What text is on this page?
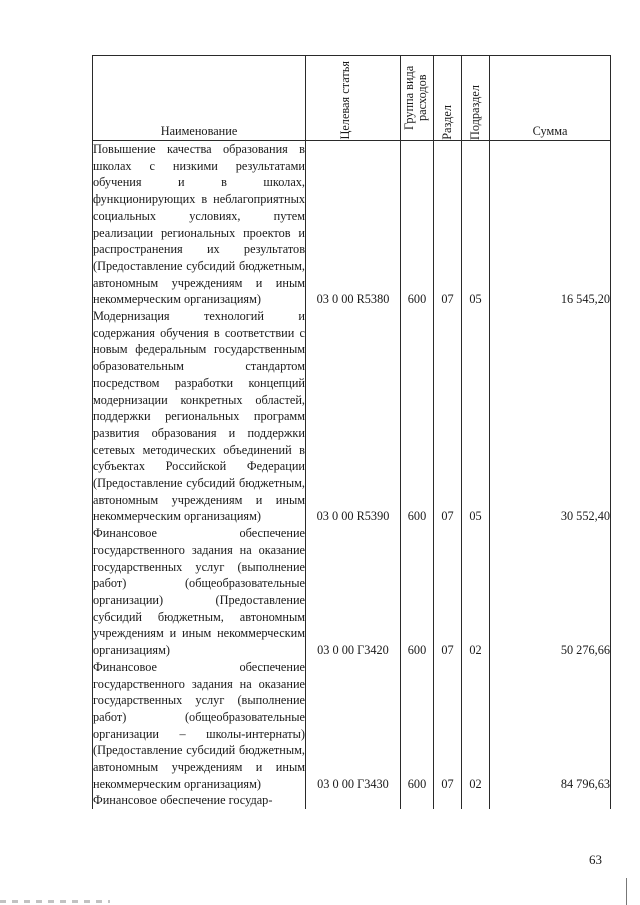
Наименование	Целевая статья	Группа вида расходов	Раздел	Подраздел	Сумма
Повышение качества образования в школах с низкими результатами обучения и в школах, функционирующих в неблагоприятных социальных условиях, путем реализации региональных проектов и распространения их результатов (Предоставление субсидий бюджетным, автономным учреждениям и иным некоммерческим организациям)	03 0 00 R5380	600	07	05	16 545,20
Модернизация технологий и содержания обучения в соответствии с новым федеральным государственным образовательным стандартом посредством разработки концепций модернизации конкретных областей, поддержки региональных программ развития образования и поддержки сетевых методических объединений в субъектах Российской Федерации (Предоставление субсидий бюджетным, автономным учреждениям и иным некоммерческим организациям)	03 0 00 R5390	600	07	05	30 552,40
Финансовое обеспечение государственного задания на оказание государственных услуг (выполнение работ) (общеобразовательные организации) (Предоставление субсидий бюджетным, автономным учреждениям и иным некоммерческим организациям)	03 0 00 Г3420	600	07	02	50 276,66
Финансовое обеспечение государственного задания на оказание государственных услуг (выполнение работ) (общеобразовательные организации – школы-интернаты) (Предоставление субсидий бюджетным, автономным учреждениям и иным некоммерческим организациям)	03 0 00 Г3430	600	07	02	84 796,63
Финансовое обеспечение государ-					
63
